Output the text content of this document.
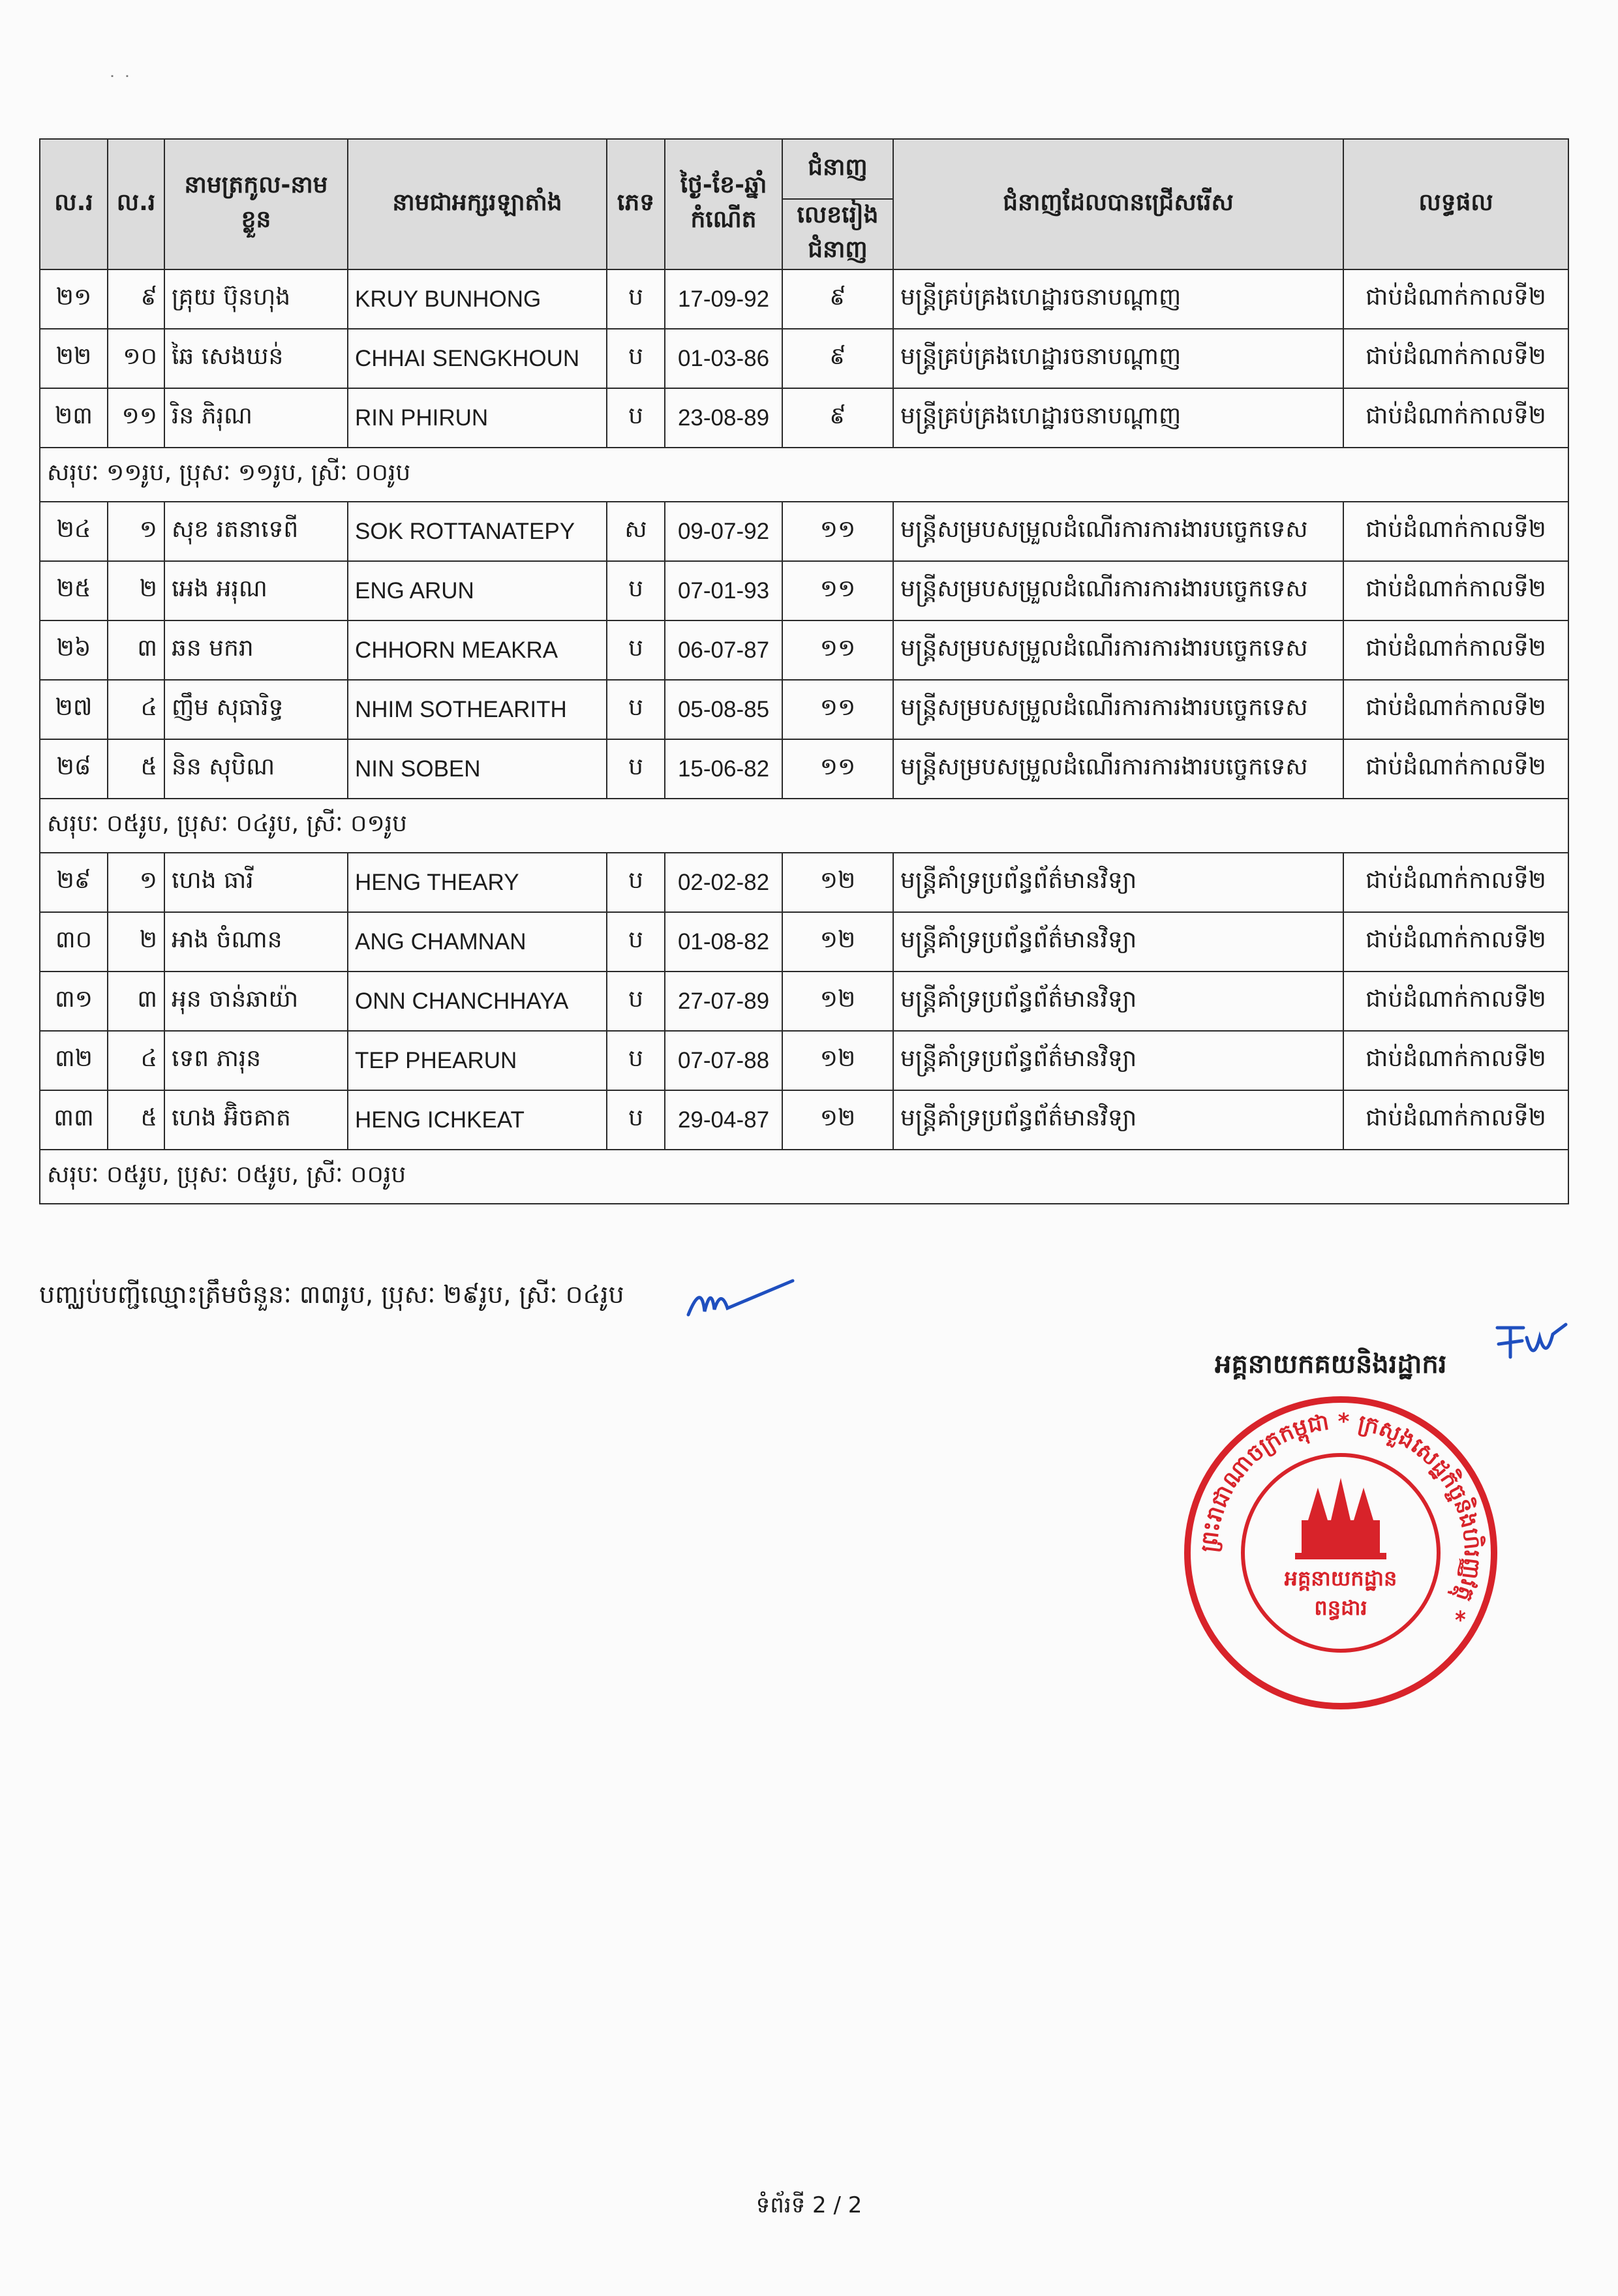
˙ ˙
ល.រ	ល.រ	នាមត្រកូល-នាមខ្លួន	នាមជាអក្សរឡាតាំង	ភេទ	ថ្ងៃ-ខែ-ឆ្នាំ កំណើត	ជំនាញ	ជំនាញដែលបានជ្រើសរើស	លទ្ធផល
						លេខរៀង ជំនាញ		
២១	៩	គ្រុយ ប៊ុនហុង	KRUY BUNHONG	ប	17-09-92	៩	មន្ត្រីគ្រប់គ្រងហេដ្ឋារចនាបណ្តាញ	ជាប់ដំណាក់កាលទី២
២២	១០	ឆៃ សេងឃន់	CHHAI SENGKHOUN	ប	01-03-86	៩	មន្ត្រីគ្រប់គ្រងហេដ្ឋារចនាបណ្តាញ	ជាប់ដំណាក់កាលទី២
២៣	១១	រិន ភិរុណ	RIN PHIRUN	ប	23-08-89	៩	មន្ត្រីគ្រប់គ្រងហេដ្ឋារចនាបណ្តាញ	ជាប់ដំណាក់កាលទី២
សរុបៈ ១១រូប, ប្រុសៈ ១១រូប, ស្រីៈ ០០រូប								
២៤	១	សុខ រតនាទេពី	SOK ROTTANATEPY	ស	09-07-92	១១	មន្ត្រីសម្របសម្រួលដំណើរការការងារបច្ចេកទេស	ជាប់ដំណាក់កាលទី២
២៥	២	អេង អរុណ	ENG ARUN	ប	07-01-93	១១	មន្ត្រីសម្របសម្រួលដំណើរការការងារបច្ចេកទេស	ជាប់ដំណាក់កាលទី២
២៦	៣	ឆន មករា	CHHORN MEAKRA	ប	06-07-87	១១	មន្ត្រីសម្របសម្រួលដំណើរការការងារបច្ចេកទេស	ជាប់ដំណាក់កាលទី២
២៧	៤	ញឹម សុធារិទ្ធ	NHIM SOTHEARITH	ប	05-08-85	១១	មន្ត្រីសម្របសម្រួលដំណើរការការងារបច្ចេកទេស	ជាប់ដំណាក់កាលទី២
២៨	៥	និន សុបិណ	NIN SOBEN	ប	15-06-82	១១	មន្ត្រីសម្របសម្រួលដំណើរការការងារបច្ចេកទេស	ជាប់ដំណាក់កាលទី២
សរុបៈ ០៥រូប, ប្រុសៈ ០៤រូប, ស្រីៈ ០១រូប								
២៩	១	ហេង ធារី	HENG THEARY	ប	02-02-82	១២	មន្ត្រីគាំទ្រប្រព័ន្ធព័ត៌មានវិទ្យា	ជាប់ដំណាក់កាលទី២
៣០	២	អាង ចំណាន	ANG CHAMNAN	ប	01-08-82	១២	មន្ត្រីគាំទ្រប្រព័ន្ធព័ត៌មានវិទ្យា	ជាប់ដំណាក់កាលទី២
៣១	៣	អុន ចាន់ឆាយ៉ា	ONN CHANCHHAYA	ប	27-07-89	១២	មន្ត្រីគាំទ្រប្រព័ន្ធព័ត៌មានវិទ្យា	ជាប់ដំណាក់កាលទី២
៣២	៤	ទេព ភារុន	TEP PHEARUN	ប	07-07-88	១២	មន្ត្រីគាំទ្រប្រព័ន្ធព័ត៌មានវិទ្យា	ជាប់ដំណាក់កាលទី២
៣៣	៥	ហេង អ៊ិចគាត	HENG ICHKEAT	ប	29-04-87	១២	មន្ត្រីគាំទ្រប្រព័ន្ធព័ត៌មានវិទ្យា	ជាប់ដំណាក់កាលទី២
សរុបៈ ០៥រូប, ប្រុសៈ ០៥រូប, ស្រីៈ ០០រូប								
បញ្ឈប់បញ្ជីឈ្មោះត្រឹមចំនួនៈ ៣៣រូប, ប្រុសៈ ២៩រូប, ស្រីៈ ០៤រូប
អគ្គនាយកគយនិងរដ្ឋាករ
ព្រះរាជាណាចក្រកម្ពុជា * ក្រសួងសេដ្ឋកិច្ចនិងហិរញ្ញវត្ថុ *
អគ្គនាយកដ្ឋាន
ពន្ធដារ
ទំព័រទី 2 / 2
